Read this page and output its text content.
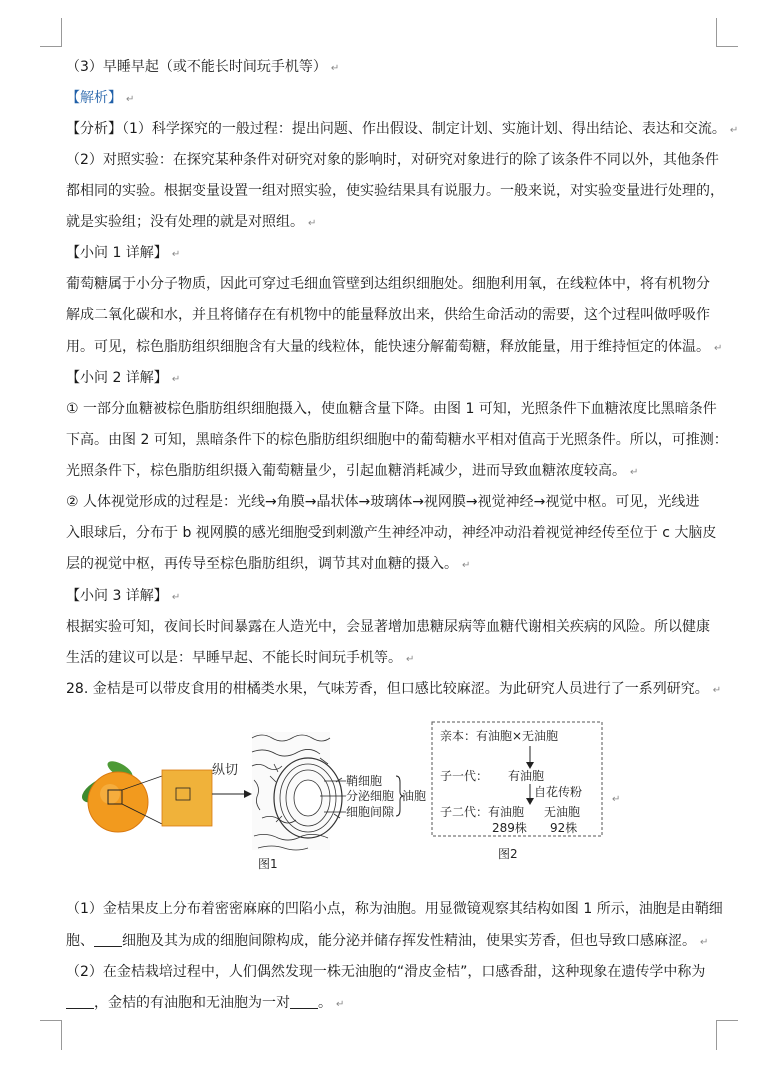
（3）早睡早起（或不能长时间玩手机等） ↵
【解析】 ↵
【分析】（1）科学探究的一般过程：提出问题、作出假设、制定计划、实施计划、得出结论、表达和交流。 ↵
（2）对照实验：在探究某种条件对研究对象的影响时，对研究对象进行的除了该条件不同以外，其他条件
都相同的实验。根据变量设置一组对照实验，使实验结果具有说服力。一般来说，对实验变量进行处理的，
就是实验组；没有处理的就是对照组。 ↵
【小问 1 详解】 ↵
葡萄糖属于小分子物质，因此可穿过毛细血管壁到达组织细胞处。细胞利用氧，在线粒体中，将有机物分
解成二氧化碳和水，并且将储存在有机物中的能量释放出来，供给生命活动的需要，这个过程叫做呼吸作
用。可见，棕色脂肪组织细胞含有大量的线粒体，能快速分解葡萄糖，释放能量，用于维持恒定的体温。 ↵
【小问 2 详解】 ↵
① 一部分血糖被棕色脂肪组织细胞摄入，使血糖含量下降。由图 1 可知，光照条件下血糖浓度比黑暗条件
下高。由图 2 可知，黑暗条件下的棕色脂肪组织细胞中的葡萄糖水平相对值高于光照条件。所以，可推测：
光照条件下，棕色脂肪组织摄入葡萄糖量少，引起血糖消耗减少，进而导致血糖浓度较高。 ↵
② 人体视觉形成的过程是：光线→角膜→晶状体→玻璃体→视网膜→视觉神经→视觉中枢。可见，光线进
入眼球后，分布于 b 视网膜的感光细胞受到刺激产生神经冲动，神经冲动沿着视觉神经传至位于 c 大脑皮
层的视觉中枢，再传导至棕色脂肪组织，调节其对血糖的摄入。 ↵
【小问 3 详解】 ↵
根据实验可知，夜间长时间暴露在人造光中，会显著增加患糖尿病等血糖代谢相关疾病的风险。所以健康
生活的建议可以是：早睡早起、不能长时间玩手机等。 ↵
28. 金桔是可以带皮食用的柑橘类水果，气味芳香，但口感比较麻涩。为此研究人员进行了一系列研究。 ↵
纵切
鞘细胞
分泌细胞
细胞间隙
油胞
图1
亲本：有油胞×无油胞
子一代： 有油胞
自花传粉
子二代： 有油胞 无油胞
289株 92株
图2
↵
（1）金桔果皮上分布着密密麻麻的凹陷小点，称为油胞。用显微镜观察其结构如图 1 所示，油胞是由鞘细
胞、 细胞及其为成的细胞间隙构成，能分泌并储存挥发性精油，使果实芳香，但也导致口感麻涩。 ↵
（2）在金桔栽培过程中，人们偶然发现一株无油胞的“滑皮金桔”，口感香甜，这种现象在遗传学中称为
，金桔的有油胞和无油胞为一对 。 ↵
